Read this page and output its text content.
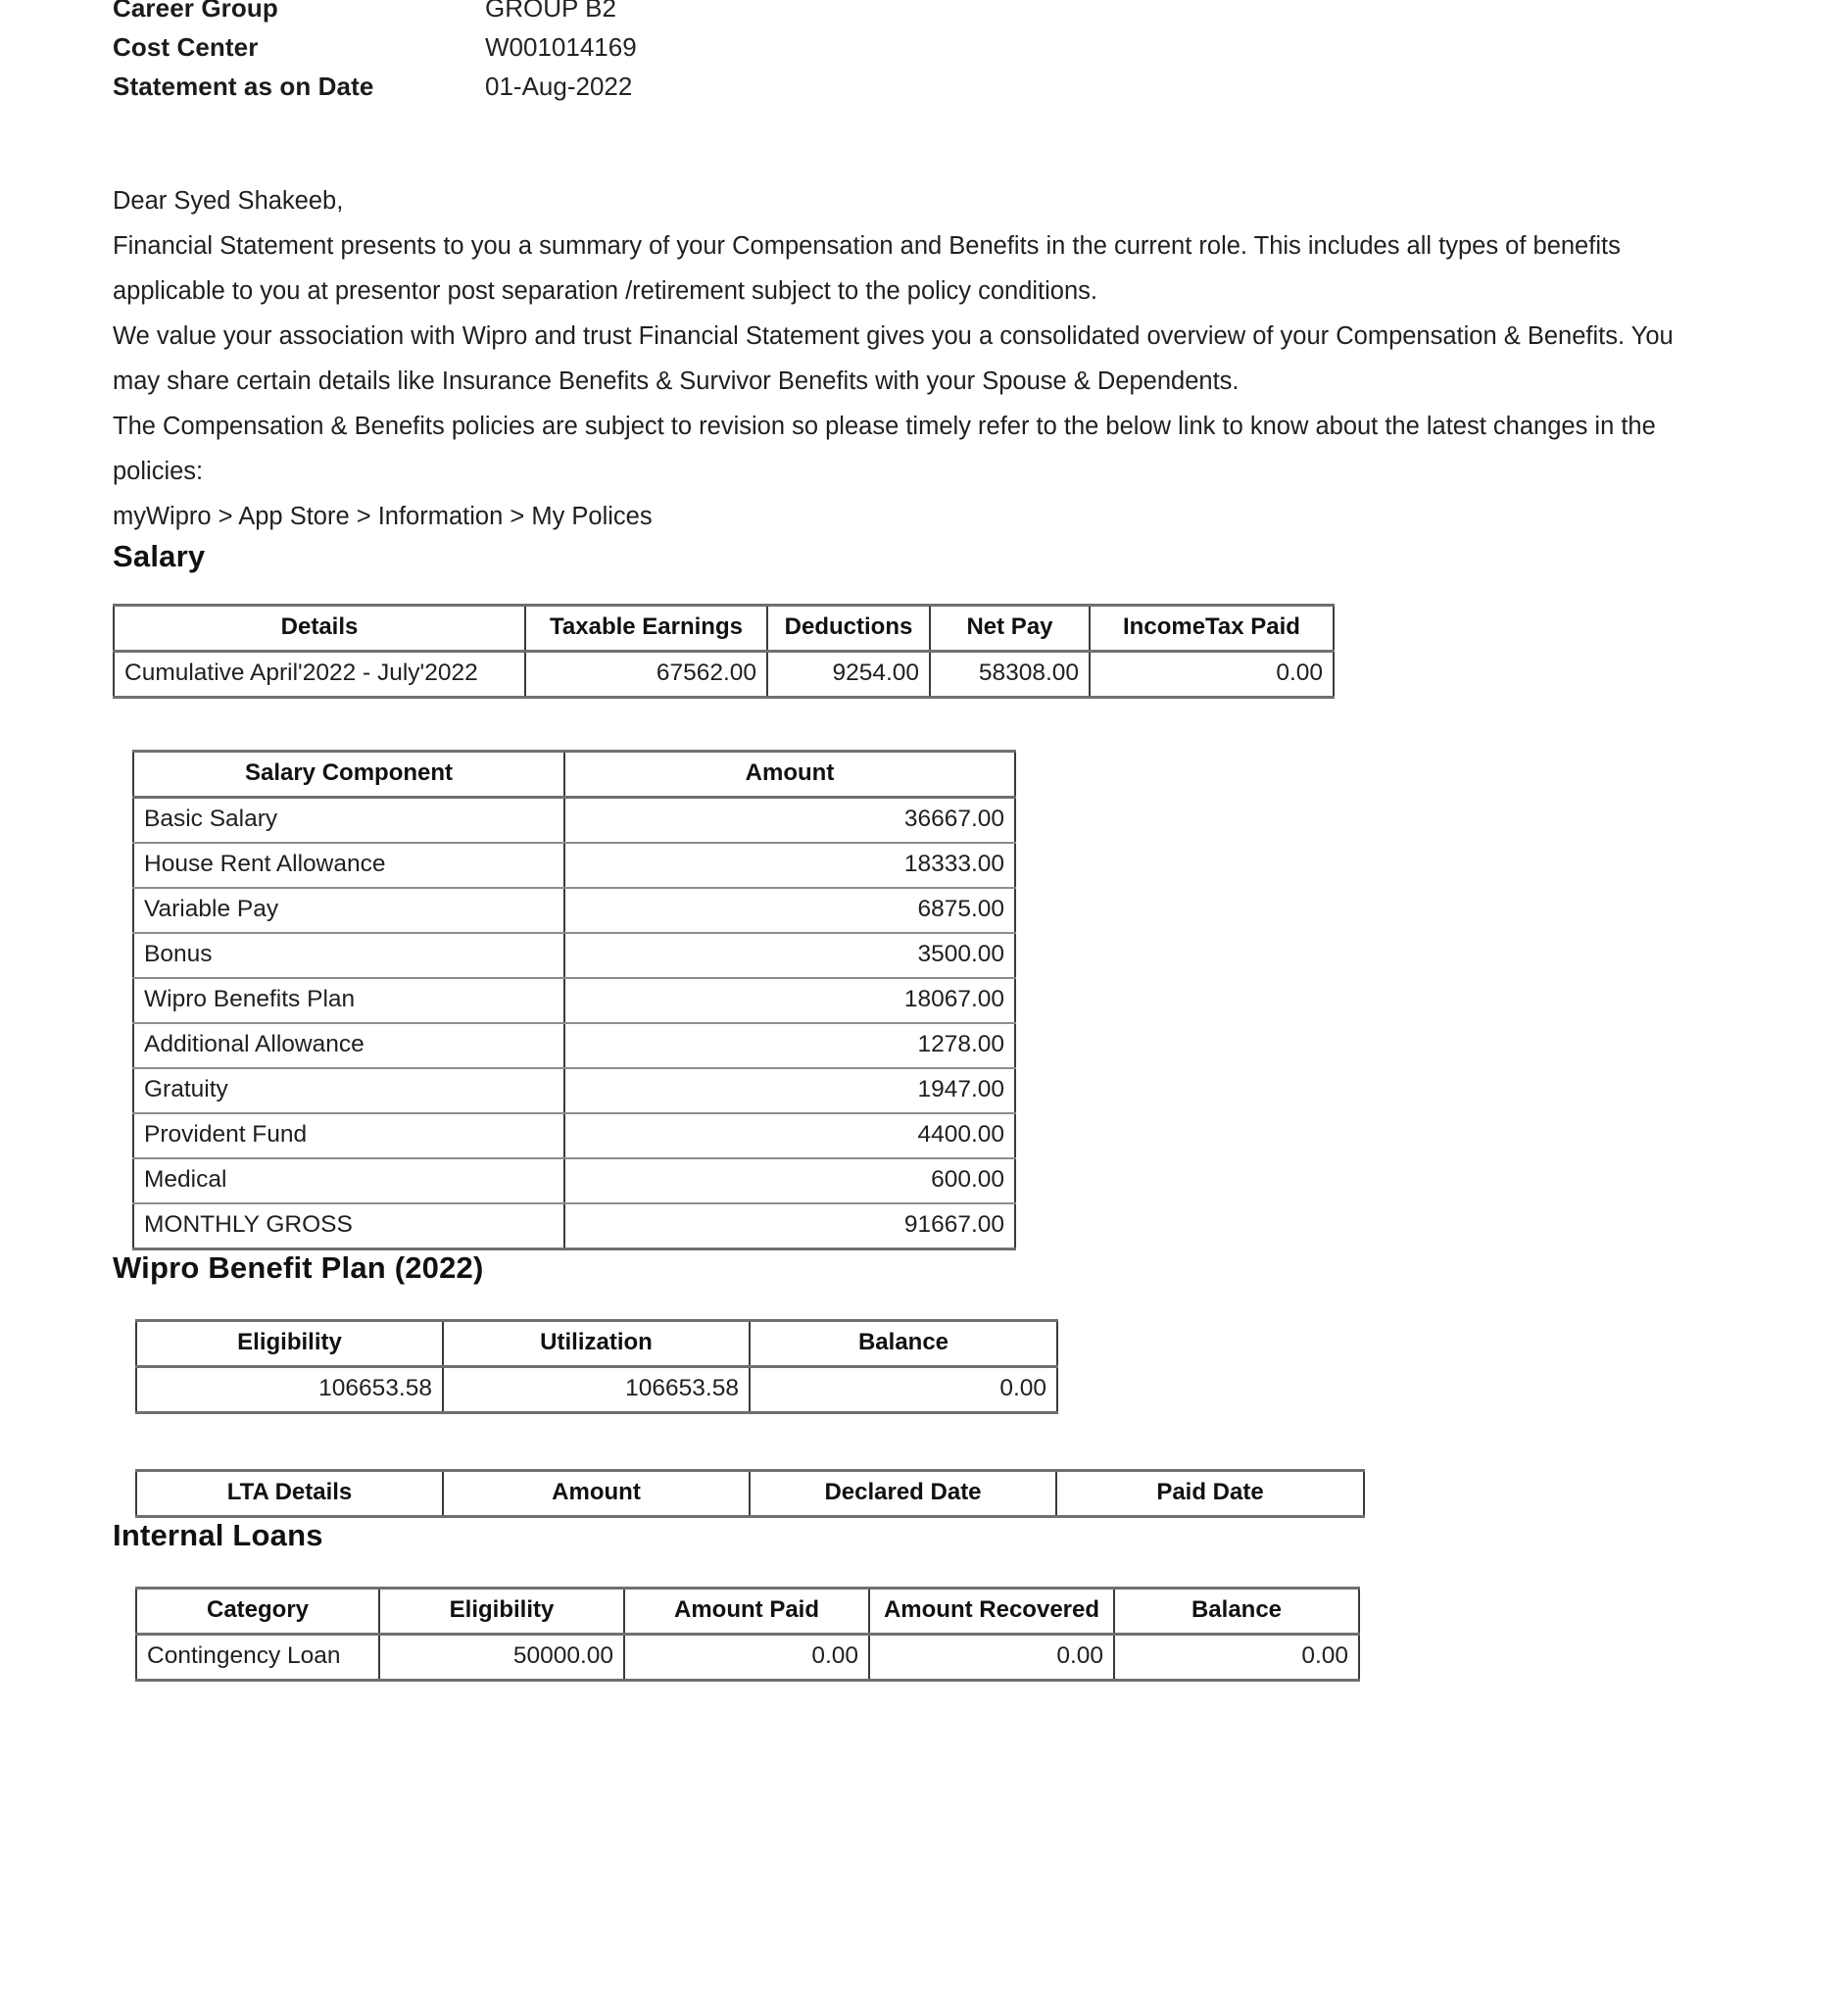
Career Group	GROUP B2
Cost Center	W001014169
Statement as on Date	01-Aug-2022

Dear Syed Shakeeb,

Financial Statement presents to you a summary of your Compensation and Benefits in the current role. This includes all types of benefits applicable to you at presentor post separation /retirement subject to the policy conditions.

We value your association with Wipro and trust Financial Statement gives you a consolidated overview of your Compensation & Benefits. You may share certain details like Insurance Benefits & Survivor Benefits with your Spouse & Dependents.

The Compensation & Benefits policies are subject to revision so please timely refer to the below link to know about the latest changes in the policies:

myWipro > App Store > Information > My Polices

Salary
Details	Taxable Earnings	Deductions	Net Pay	IncomeTax Paid
Cumulative April'2022 - July'2022	67562.00	9254.00	58308.00	0.00
Salary Component	Amount
Basic Salary	36667.00
House Rent Allowance	18333.00
Variable Pay	6875.00
Bonus	3500.00
Wipro Benefits Plan	18067.00
Additional Allowance	1278.00
Gratuity	1947.00
Provident Fund	4400.00
Medical	600.00
MONTHLY GROSS	91667.00
Wipro Benefit Plan (2022)
Eligibility	Utilization	Balance
106653.58	106653.58	0.00
LTA Details	Amount	Declared Date	Paid Date
Internal Loans
Category	Eligibility	Amount Paid	Amount Recovered	Balance
Contingency Loan	50000.00	0.00	0.00	0.00
